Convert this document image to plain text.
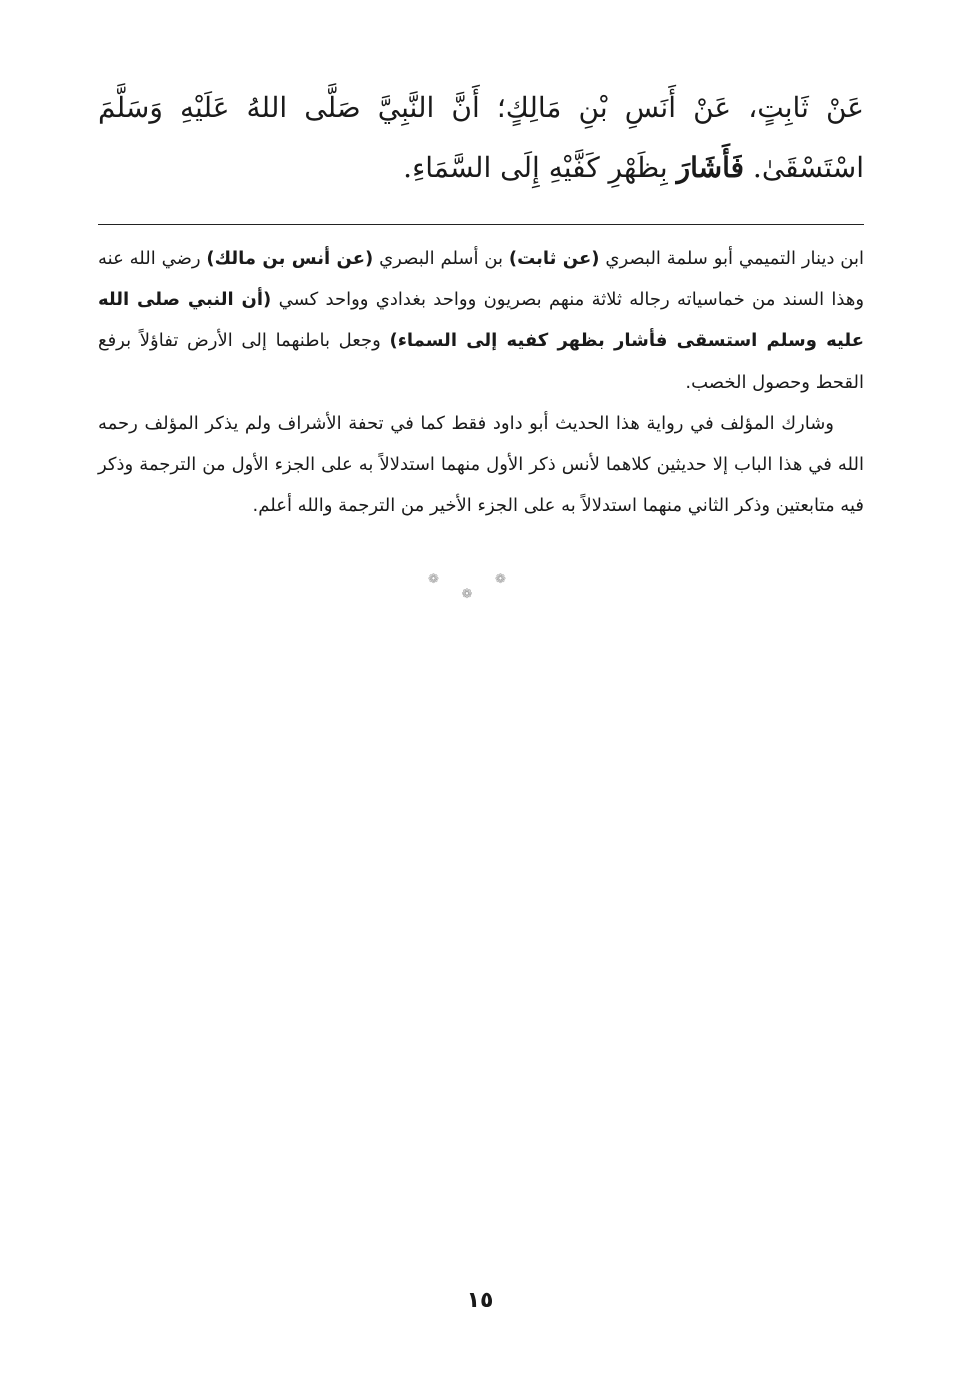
عَنْ ثَابِتٍ، عَنْ أَنَسِ بْنِ مَالِكٍ؛ أَنَّ النَّبِيَّ صَلَّى اللهُ عَلَيْهِ وَسَلَّمَ اسْتَسْقَىٰ. فَأَشَارَ بِظَهْرِ كَفَّيْهِ إِلَى السَّمَاءِ.

ابن دينار التميمي أبو سلمة البصري (عن ثابت) بن أسلم البصري (عن أنس بن مالك) رضي الله عنه وهذا السند من خماسياته رجاله ثلاثة منهم بصريون وواحد بغدادي وواحد كسي (أن النبي صلى الله عليه وسلم استسقى فأشار بظهر كفيه إلى السماء) وجعل باطنهما إلى الأرض تفاؤلاً برفع القحط وحصول الخصب.

وشارك المؤلف في رواية هذا الحديث أبو داود فقط كما في تحفة الأشراف ولم يذكر المؤلف رحمه الله في هذا الباب إلا حديثين كلاهما لأنس ذكر الأول منهما استدلالاً به على الجزء الأول من الترجمة وذكر فيه متابعتين وذكر الثاني منهما استدلالاً به على الجزء الأخير من الترجمة والله أعلم.

❁ ❁ ❁
١٥
